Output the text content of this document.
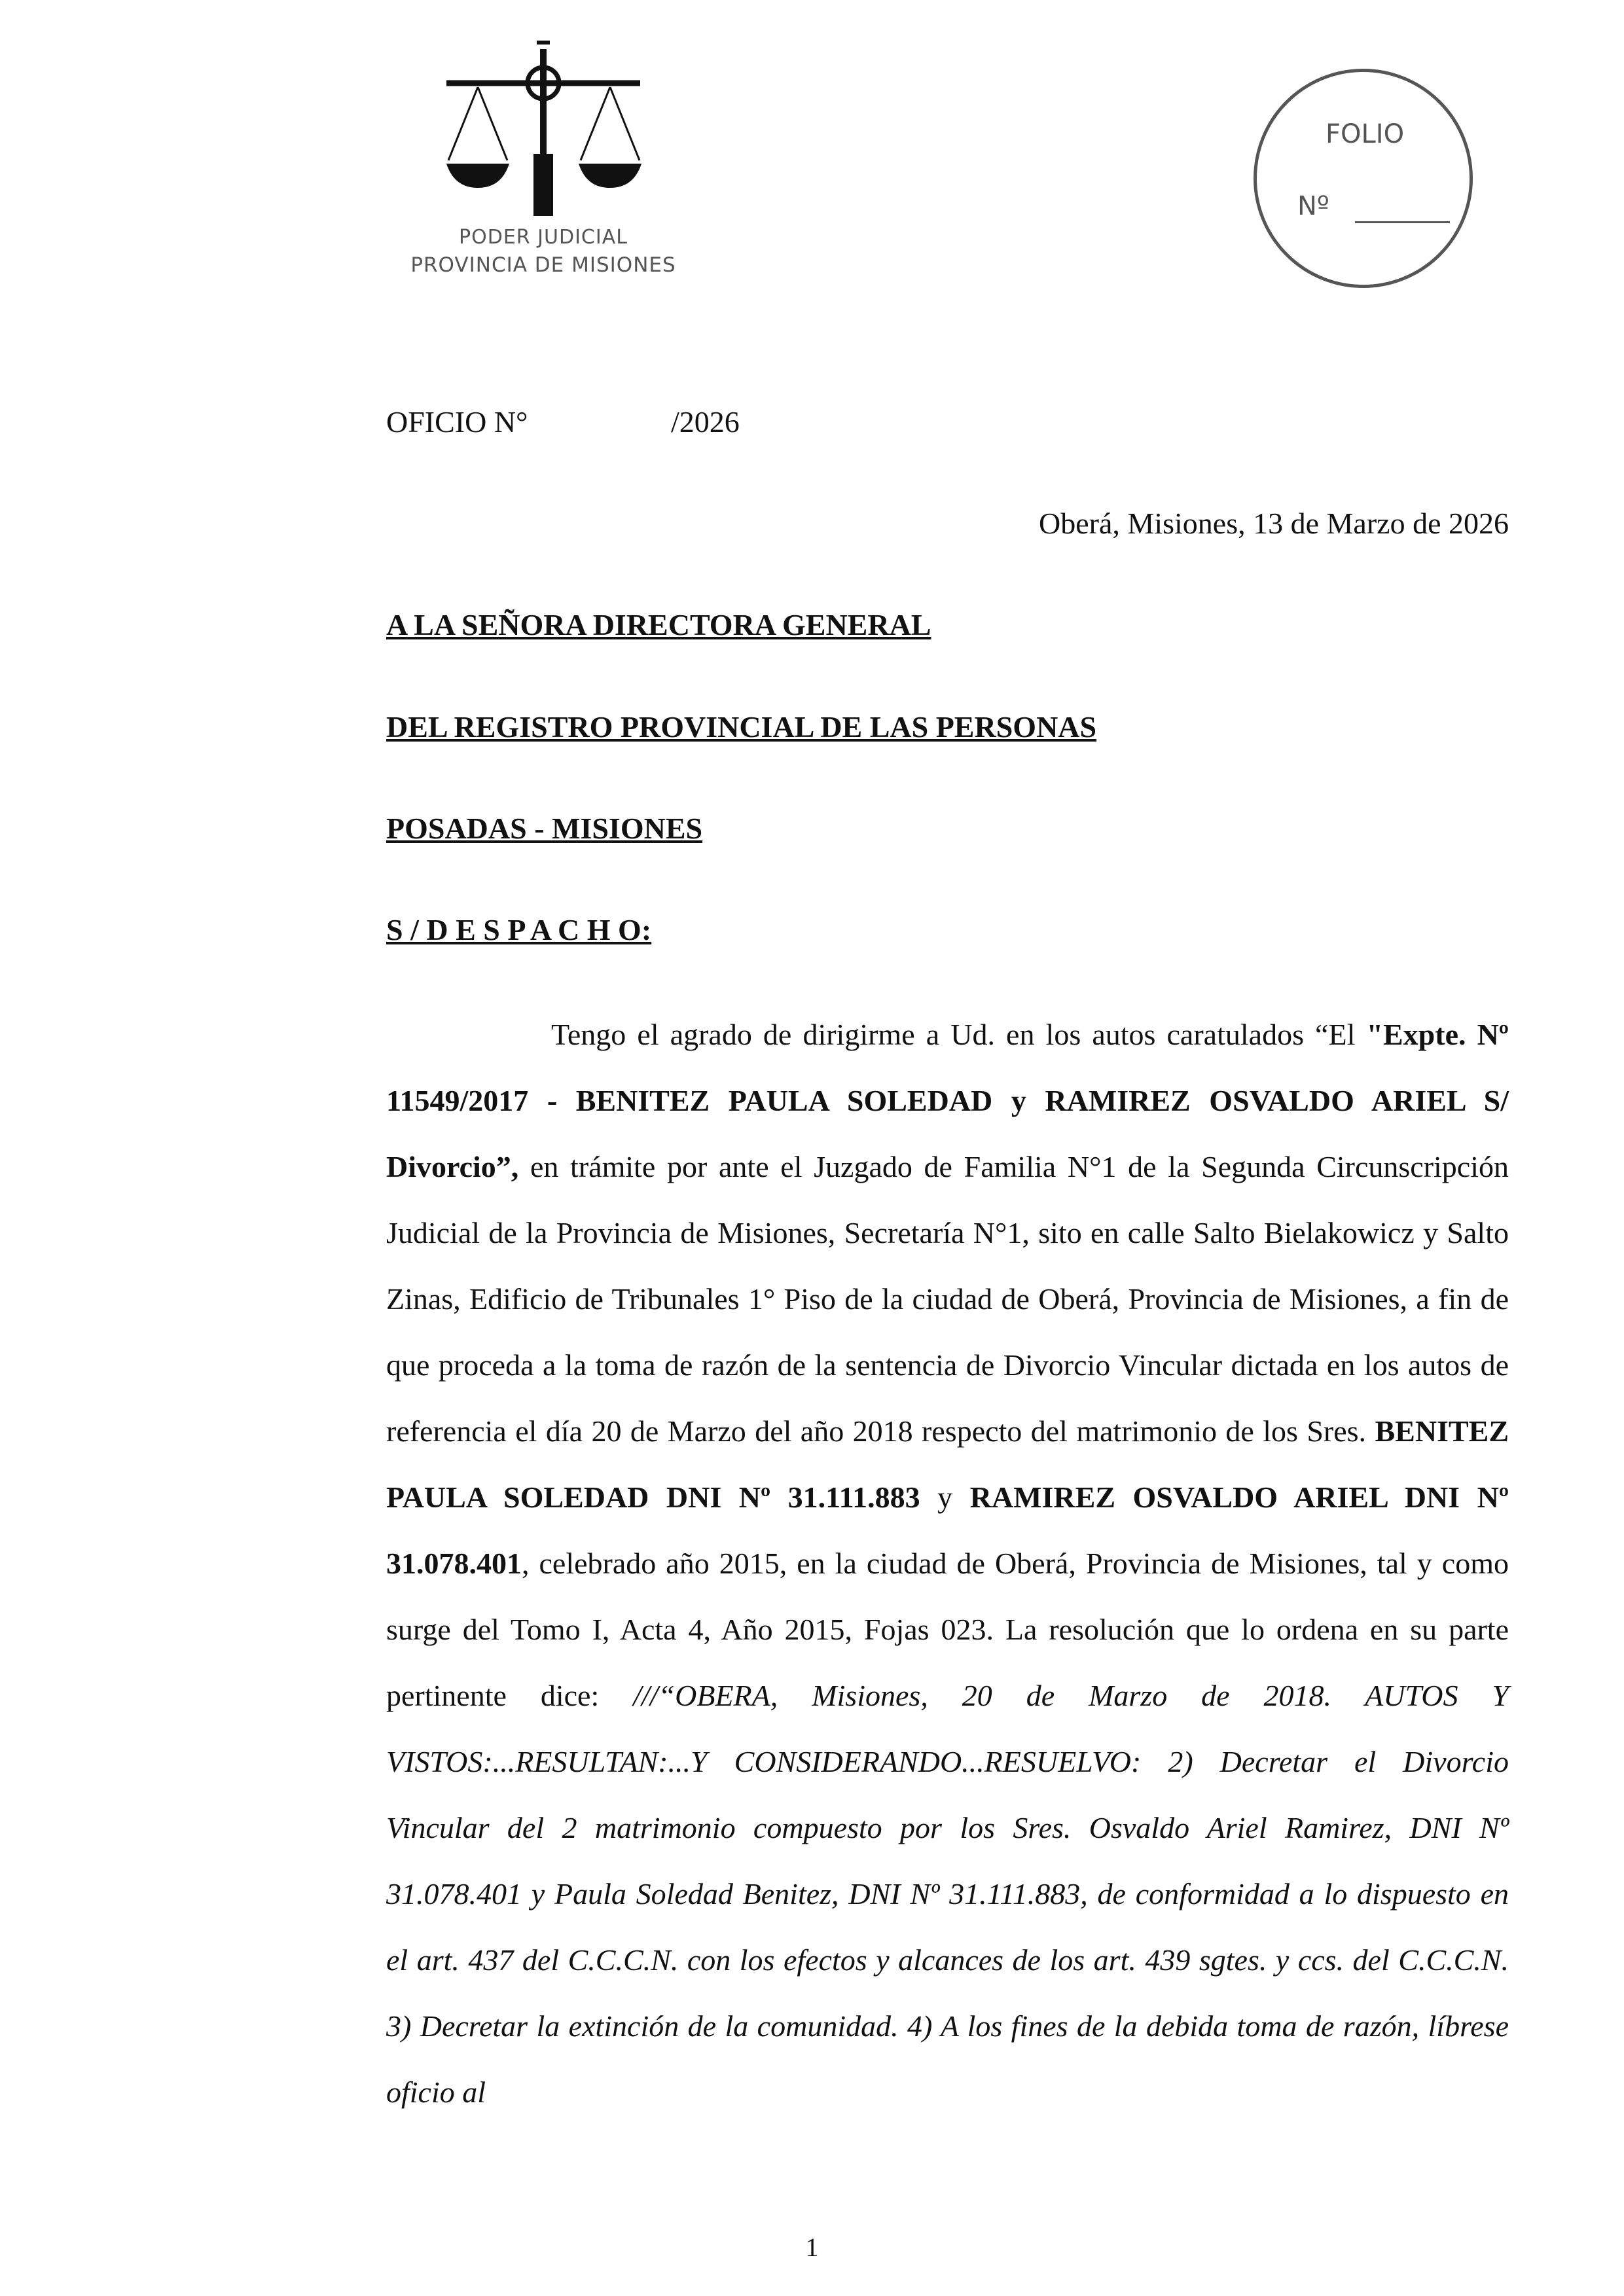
PODER JUDICIAL
PROVINCIA DE MISIONES
FOLIO
Nº
OFICIO N°	/2026
Oberá, Misiones, 13 de Marzo de 2026
A LA SEÑORA DIRECTORA GENERAL
DEL REGISTRO PROVINCIAL DE LAS PERSONAS
POSADAS - MISIONES
S / D E S P A C H O:
Tengo el agrado de dirigirme a Ud. en los autos caratulados “El "Expte. Nº 11549/2017 - BENITEZ PAULA SOLEDAD y RAMIREZ OSVALDO ARIEL S/ Divorcio”, en trámite por ante el Juzgado de Familia N°1 de la Segunda Circunscripción Judicial de la Provincia de Misiones, Secretaría N°1, sito en calle Salto Bielakowicz y Salto Zinas, Edificio de Tribunales 1° Piso de la ciudad de Oberá, Provincia de Misiones, a fin de que proceda a la toma de razón de la sentencia de Divorcio Vincular dictada en los autos de referencia el día 20 de Marzo del año 2018 respecto del matrimonio de los Sres. BENITEZ PAULA SOLEDAD DNI Nº 31.111.883 y RAMIREZ OSVALDO ARIEL DNI Nº 31.078.401, celebrado año 2015, en la ciudad de Oberá, Provincia de Misiones, tal y como surge del Tomo I, Acta 4, Año 2015, Fojas 023. La resolución que lo ordena en su parte pertinente dice: ///“OBERA, Misiones, 20 de Marzo de 2018. AUTOS Y VISTOS:...RESULTAN:...Y CONSIDERANDO...RESUELVO: 2) Decretar el Divorcio Vincular del 2 matrimonio compuesto por los Sres. Osvaldo Ariel Ramirez, DNI Nº 31.078.401 y Paula Soledad Benitez, DNI Nº 31.111.883, de conformidad a lo dispuesto en el art. 437 del C.C.C.N. con los efectos y alcances de los art. 439 sgtes. y ccs. del C.C.C.N. 3) Decretar la extinción de la comunidad. 4) A los fines de la debida toma de razón, líbrese oficio al
1
